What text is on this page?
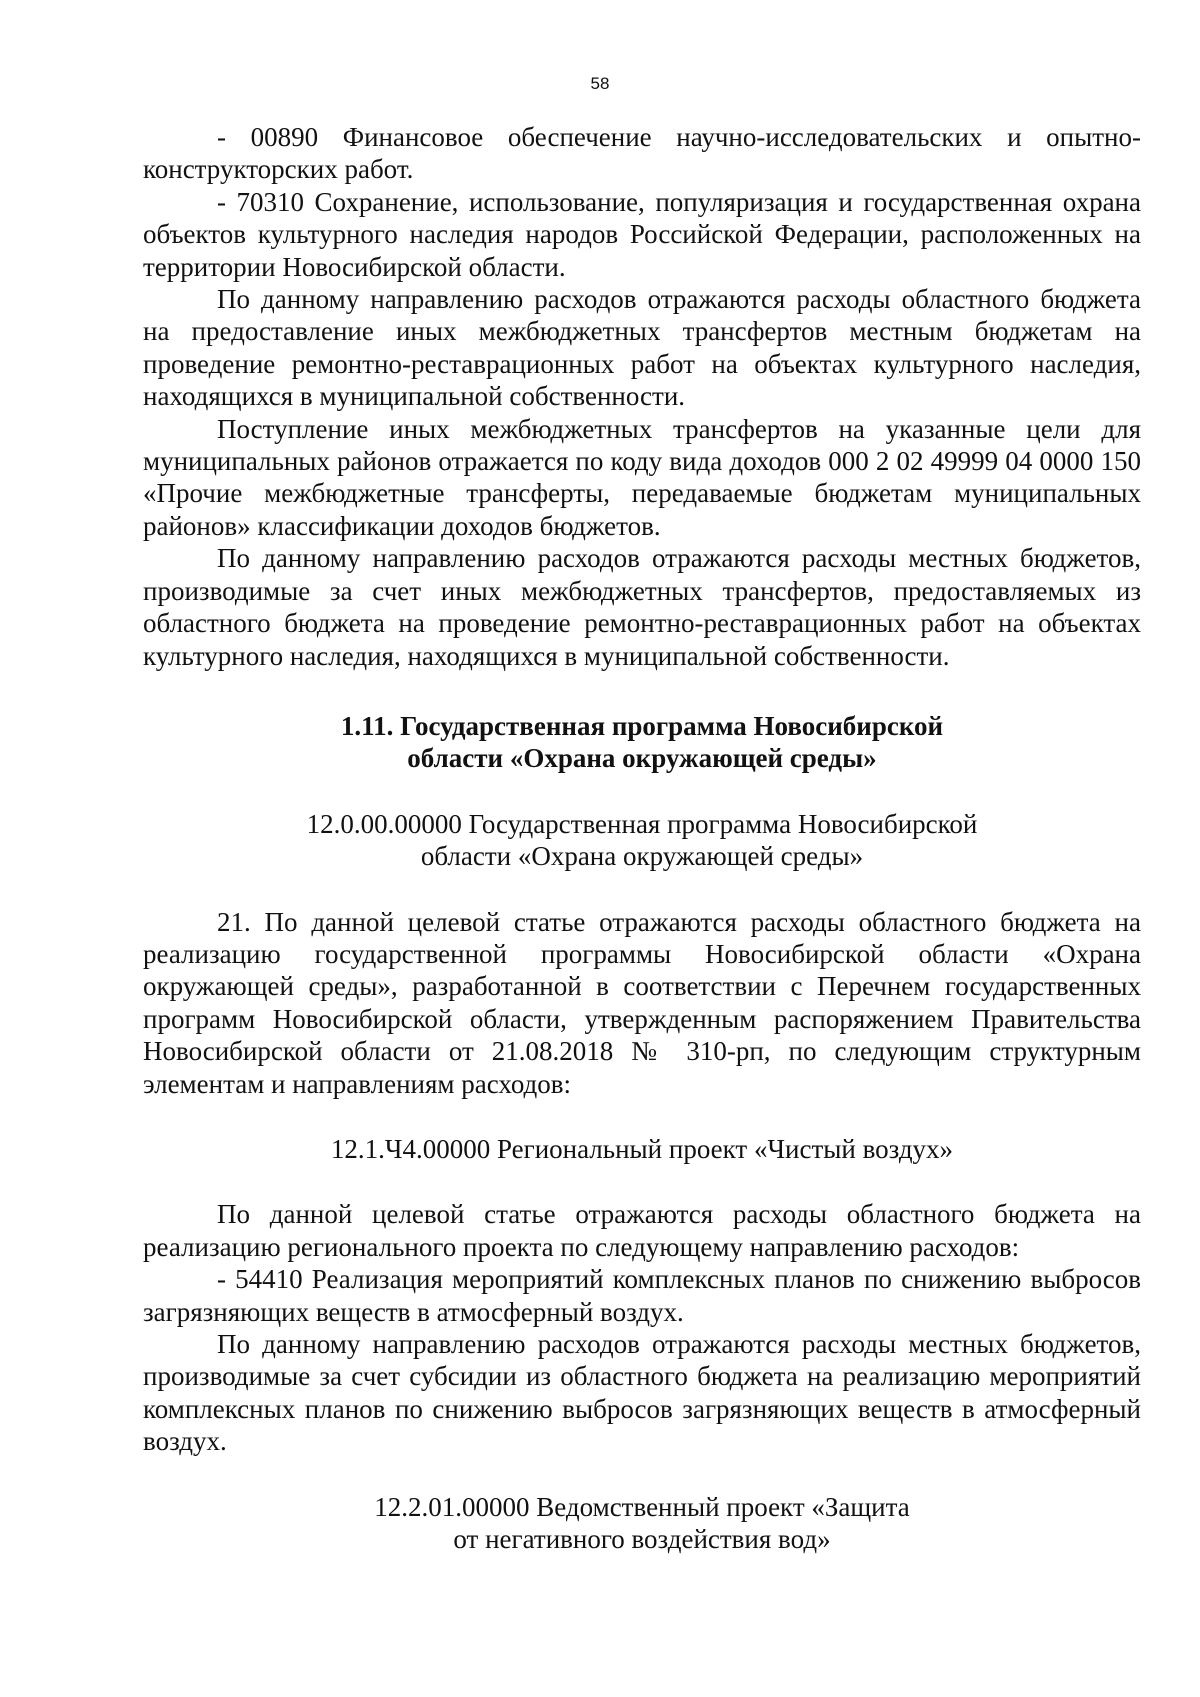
58

- 00890 Финансовое обеспечение научно-исследовательских и опытно-конструкторских работ.

- 70310 Сохранение, использование, популяризация и государственная охрана объектов культурного наследия народов Российской Федерации, расположенных на территории Новосибирской области.

По данному направлению расходов отражаются расходы областного бюджета на предоставление иных межбюджетных трансфертов местным бюджетам на проведение ремонтно-реставрационных работ на объектах культурного наследия, находящихся в муниципальной собственности.

Поступление иных межбюджетных трансфертов на указанные цели для муниципальных районов отражается по коду вида доходов 000 2 02 49999 04 0000 150 «Прочие межбюджетные трансферты, передаваемые бюджетам муниципальных районов» классификации доходов бюджетов.

По данному направлению расходов отражаются расходы местных бюджетов, производимые за счет иных межбюджетных трансфертов, предоставляемых из областного бюджета на проведение ремонтно-реставрационных работ на объектах культурного наследия, находящихся в муниципальной собственности.

1.11. Государственная программа Новосибирской

области «Охрана окружающей среды»

12.0.00.00000 Государственная программа Новосибирской

области «Охрана окружающей среды»

21. По данной целевой статье отражаются расходы областного бюджета на реализацию государственной программы Новосибирской области «Охрана окружающей среды», разработанной в соответствии с Перечнем государственных программ Новосибирской области, утвержденным распоряжением Правительства Новосибирской области от 21.08.2018 № 310-рп, по следующим структурным элементам и направлениям расходов:

12.1.Ч4.00000 Региональный проект «Чистый воздух»

По данной целевой статье отражаются расходы областного бюджета на реализацию регионального проекта по следующему направлению расходов:

- 54410 Реализация мероприятий комплексных планов по снижению выбросов загрязняющих веществ в атмосферный воздух.

По данному направлению расходов отражаются расходы местных бюджетов, производимые за счет субсидии из областного бюджета на реализацию мероприятий комплексных планов по снижению выбросов загрязняющих веществ в атмосферный воздух.

12.2.01.00000 Ведомственный проект «Защита

от негативного воздействия вод»
